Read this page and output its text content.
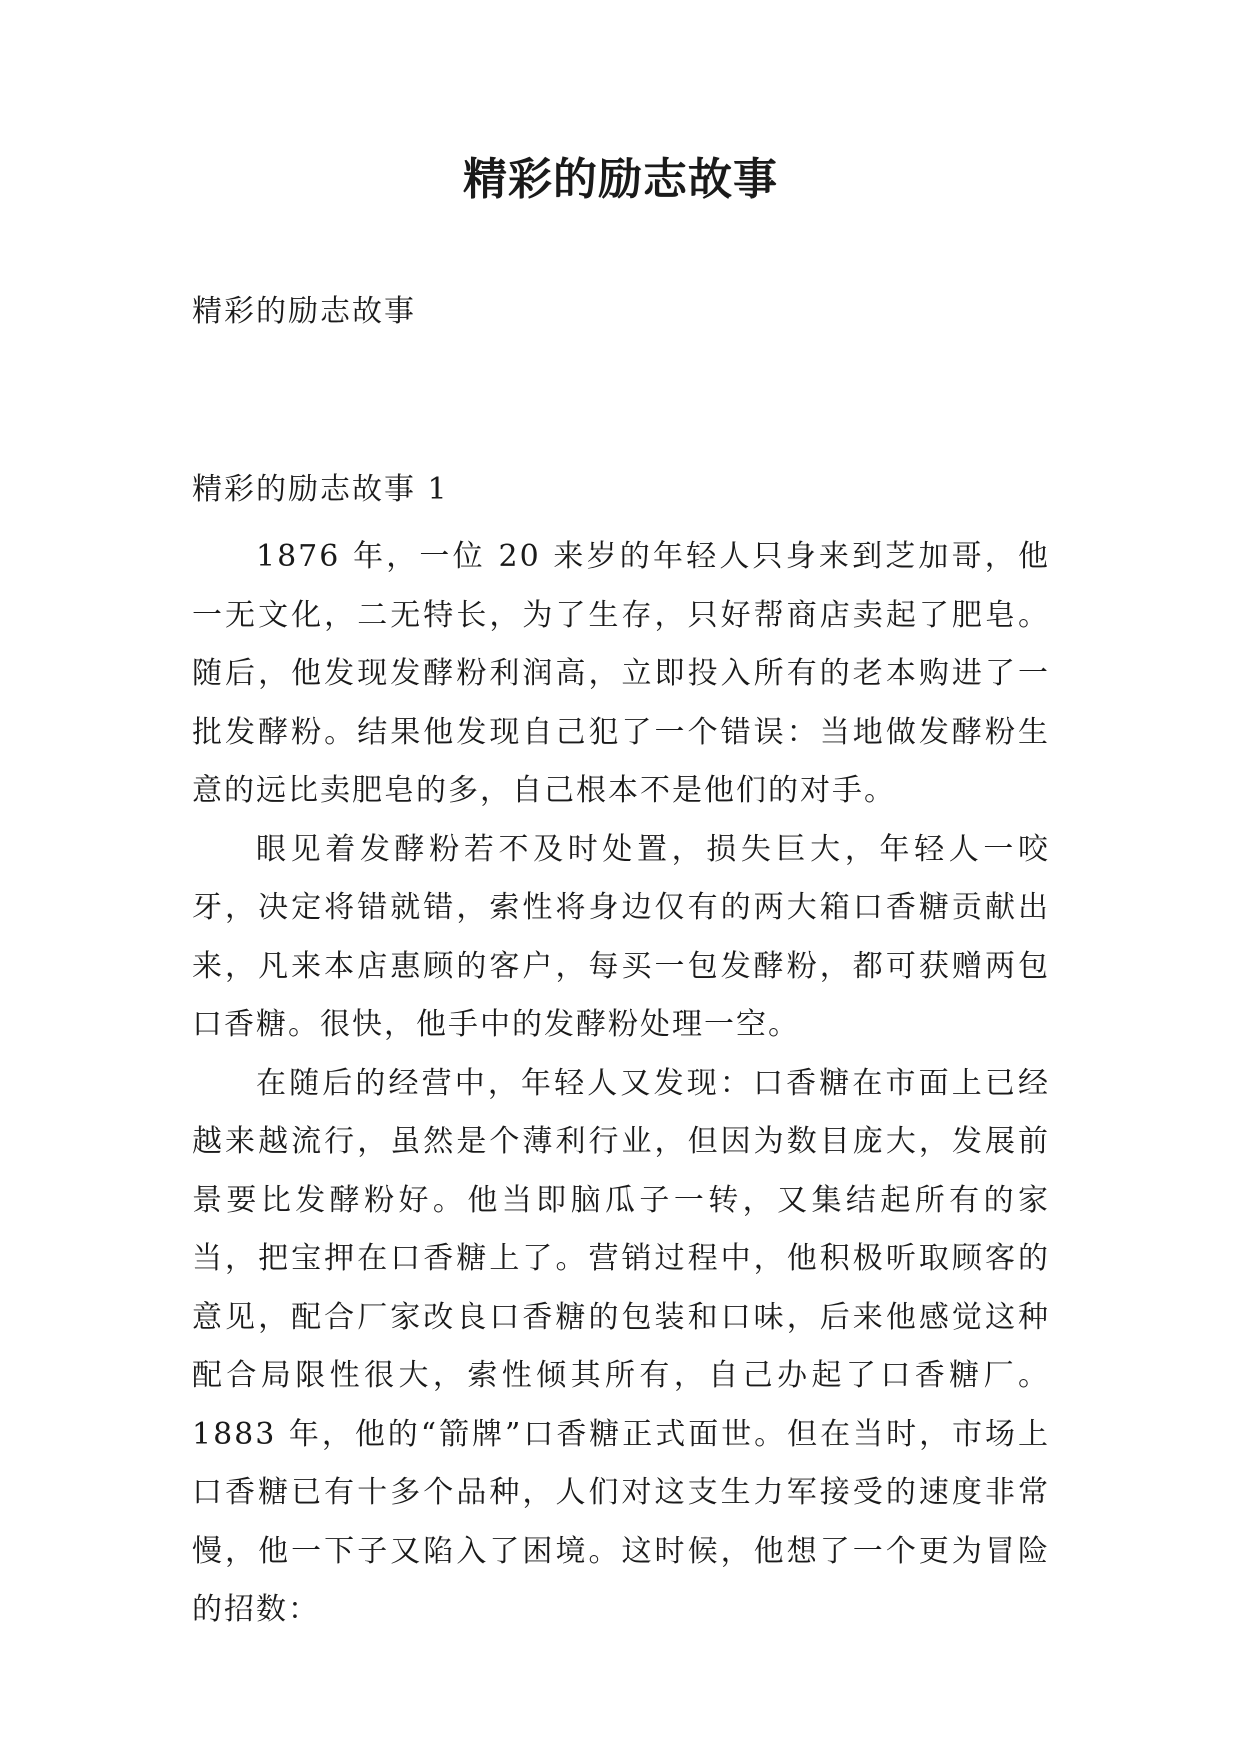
精彩的励志故事

精彩的励志故事

精彩的励志故事 1

1876 年，一位 20 来岁的年轻人只身来到芝加哥，他一无文化，二无特长，为了生存，只好帮商店卖起了肥皂。随后，他发现发酵粉利润高，立即投入所有的老本购进了一批发酵粉。结果他发现自己犯了一个错误：当地做发酵粉生意的远比卖肥皂的多，自己根本不是他们的对手。

眼见着发酵粉若不及时处置，损失巨大，年轻人一咬牙，决定将错就错，索性将身边仅有的两大箱口香糖贡献出来，凡来本店惠顾的客户，每买一包发酵粉，都可获赠两包口香糖。很快，他手中的发酵粉处理一空。

在随后的经营中，年轻人又发现：口香糖在市面上已经越来越流行，虽然是个薄利行业，但因为数目庞大，发展前景要比发酵粉好。他当即脑瓜子一转，又集结起所有的家当，把宝押在口香糖上了。营销过程中，他积极听取顾客的意见，配合厂家改良口香糖的包装和口味，后来他感觉这种配合局限性很大，索性倾其所有，自己办起了口香糖厂。1883 年，他的“箭牌”口香糖正式面世。但在当时，市场上口香糖已有十多个品种，人们对这支生力军接受的速度非常慢，他一下子又陷入了困境。这时候，他想了一个更为冒险的招数：
